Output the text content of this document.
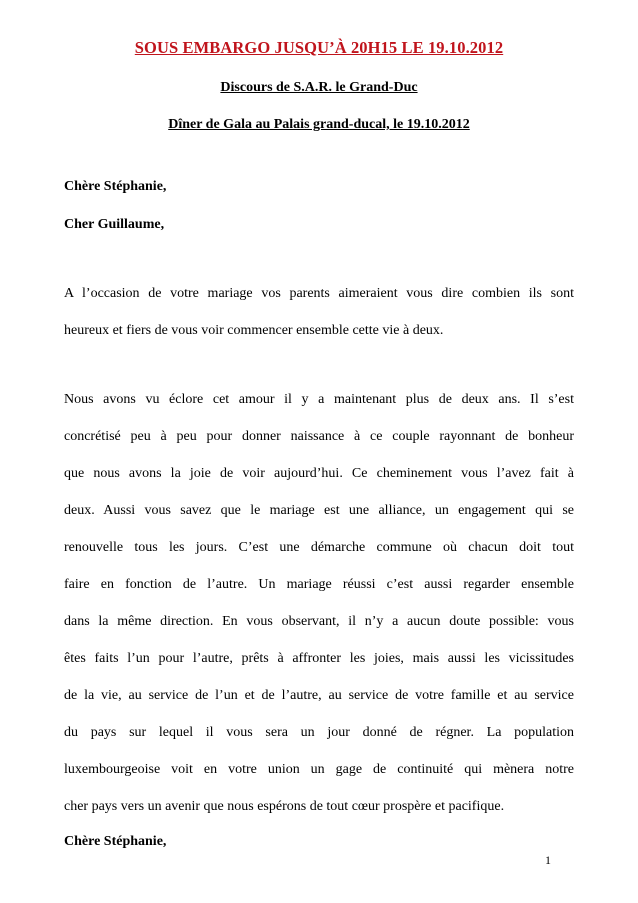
SOUS EMBARGO JUSQU’À 20H15 LE 19.10.2012
Discours de S.A.R. le Grand-Duc
Dîner de Gala au Palais grand-ducal, le 19.10.2012
Chère Stéphanie,
Cher Guillaume,
A l’occasion de votre mariage vos parents aimeraient vous dire combien ils sont
heureux et fiers de vous voir commencer ensemble cette vie à deux.
Nous avons vu éclore cet amour il y a maintenant plus de deux ans. Il s’est
concrétisé peu à peu pour donner naissance à ce couple rayonnant de bonheur
que nous avons la joie de voir aujourd’hui. Ce cheminement vous l’avez fait à
deux. Aussi vous savez que le mariage est une alliance, un engagement qui se
renouvelle tous les jours. C’est une démarche commune où chacun doit tout
faire en fonction de l’autre. Un mariage réussi c’est aussi regarder ensemble
dans la même direction. En vous observant, il n’y a aucun doute possible: vous
êtes faits l’un pour l’autre, prêts à affronter les joies, mais aussi les vicissitudes
de la vie, au service de l’un et de l’autre, au service de votre famille et au service
du pays sur lequel il vous sera un jour donné de régner. La population
luxembourgeoise voit en votre union un gage de continuité qui mènera notre
cher pays vers un avenir que nous espérons de tout cœur prospère et pacifique.
Chère Stéphanie,
1
